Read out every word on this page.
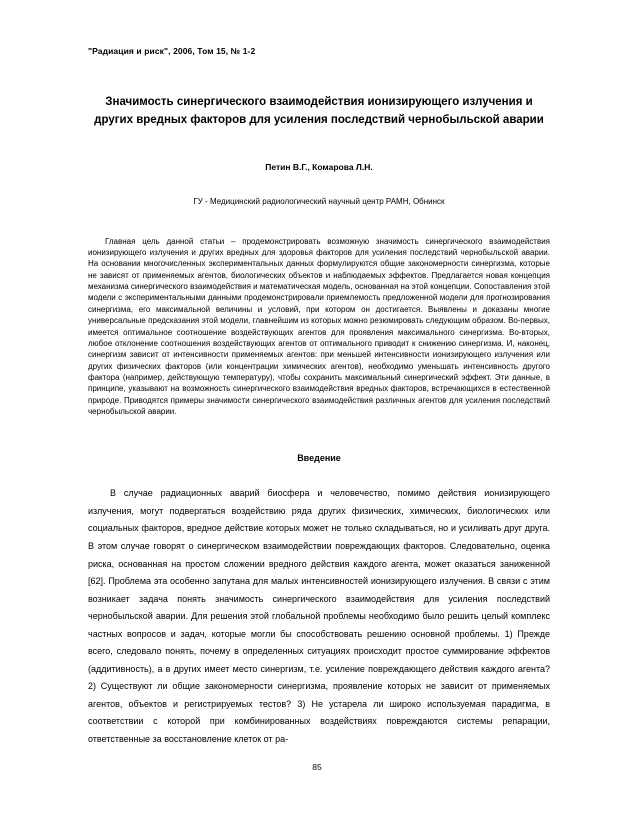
"Радиация и риск", 2006, Том 15, № 1-2
Значимость синергического взаимодействия ионизирующего излучения и других вредных факторов для усиления последствий чернобыльской аварии
Петин В.Г., Комарова Л.Н.
ГУ - Медицинский радиологический научный центр РАМН, Обнинск

Главная цель данной статьи – продемонстрировать возможную значимость синергического взаимодействия ионизирующего излучения и других вредных для здоровья факторов для усиления последствий чернобыльской аварии. На основании многочисленных экспериментальных данных формулируются общие закономерности синергизма, которые не зависят от применяемых агентов, биологических объектов и наблюдаемых эффектов. Предлагается новая концепция механизма синергического взаимодействия и математическая модель, основанная на этой концепции. Сопоставления этой модели с экспериментальными данными продемонстрировали приемлемость предложенной модели для прогнозирования синергизма, его максимальной величины и условий, при котором он достигается. Выявлены и доказаны многие универсальные предсказания этой модели, главнейшим из которых можно резюмировать следующим образом. Во-первых, имеется оптимальное соотношение воздействующих агентов для проявления максимального синергизма. Во-вторых, любое отклонение соотношения воздействующих агентов от оптимального приводит к снижению синергизма. И, наконец, синергизм зависит от интенсивности применяемых агентов: при меньшей интенсивности ионизирующего излучения или других физических факторов (или концентрации химических агентов), необходимо уменьшать интенсивность другого фактора (например, действующую температуру), чтобы сохранить максимальный синергический эффект. Эти данные, в принципе, указывают на возможность синергического взаимодействия вредных факторов, встречающихся в естественной природе. Приводятся примеры значимости синергического взаимодействия различных агентов для усиления последствий чернобыльской аварии.

Введение

В случае радиационных аварий биосфера и человечество, помимо действия ионизирующего излучения, могут подвергаться воздействию ряда других физических, химических, биологических или социальных факторов, вредное действие которых может не только складываться, но и усиливать друг друга. В этом случае говорят о синергическом взаимодействии повреждающих факторов. Следовательно, оценка риска, основанная на простом сложении вредного действия каждого агента, может оказаться заниженной [62]. Проблема эта особенно запутана для малых интенсивностей ионизирующего излучения. В связи с этим возникает задача понять значимость синергического взаимодействия для усиления последствий чернобыльской аварии. Для решения этой глобальной проблемы необходимо было решить целый комплекс частных вопросов и задач, которые могли бы способствовать решению основной проблемы. 1) Прежде всего, следовало понять, почему в определенных ситуациях происходит простое суммирование эффектов (аддитивность), а в других имеет место синергизм, т.е. усиление повреждающего действия каждого агента? 2) Существуют ли общие закономерности синергизма, проявление которых не зависит от применяемых агентов, объектов и регистрируемых тестов? 3) Не устарела ли широко используемая парадигма, в соответствии с которой при комбинированных воздействиях повреждаются системы репарации, ответственные за восстановление клеток от ра-

85
